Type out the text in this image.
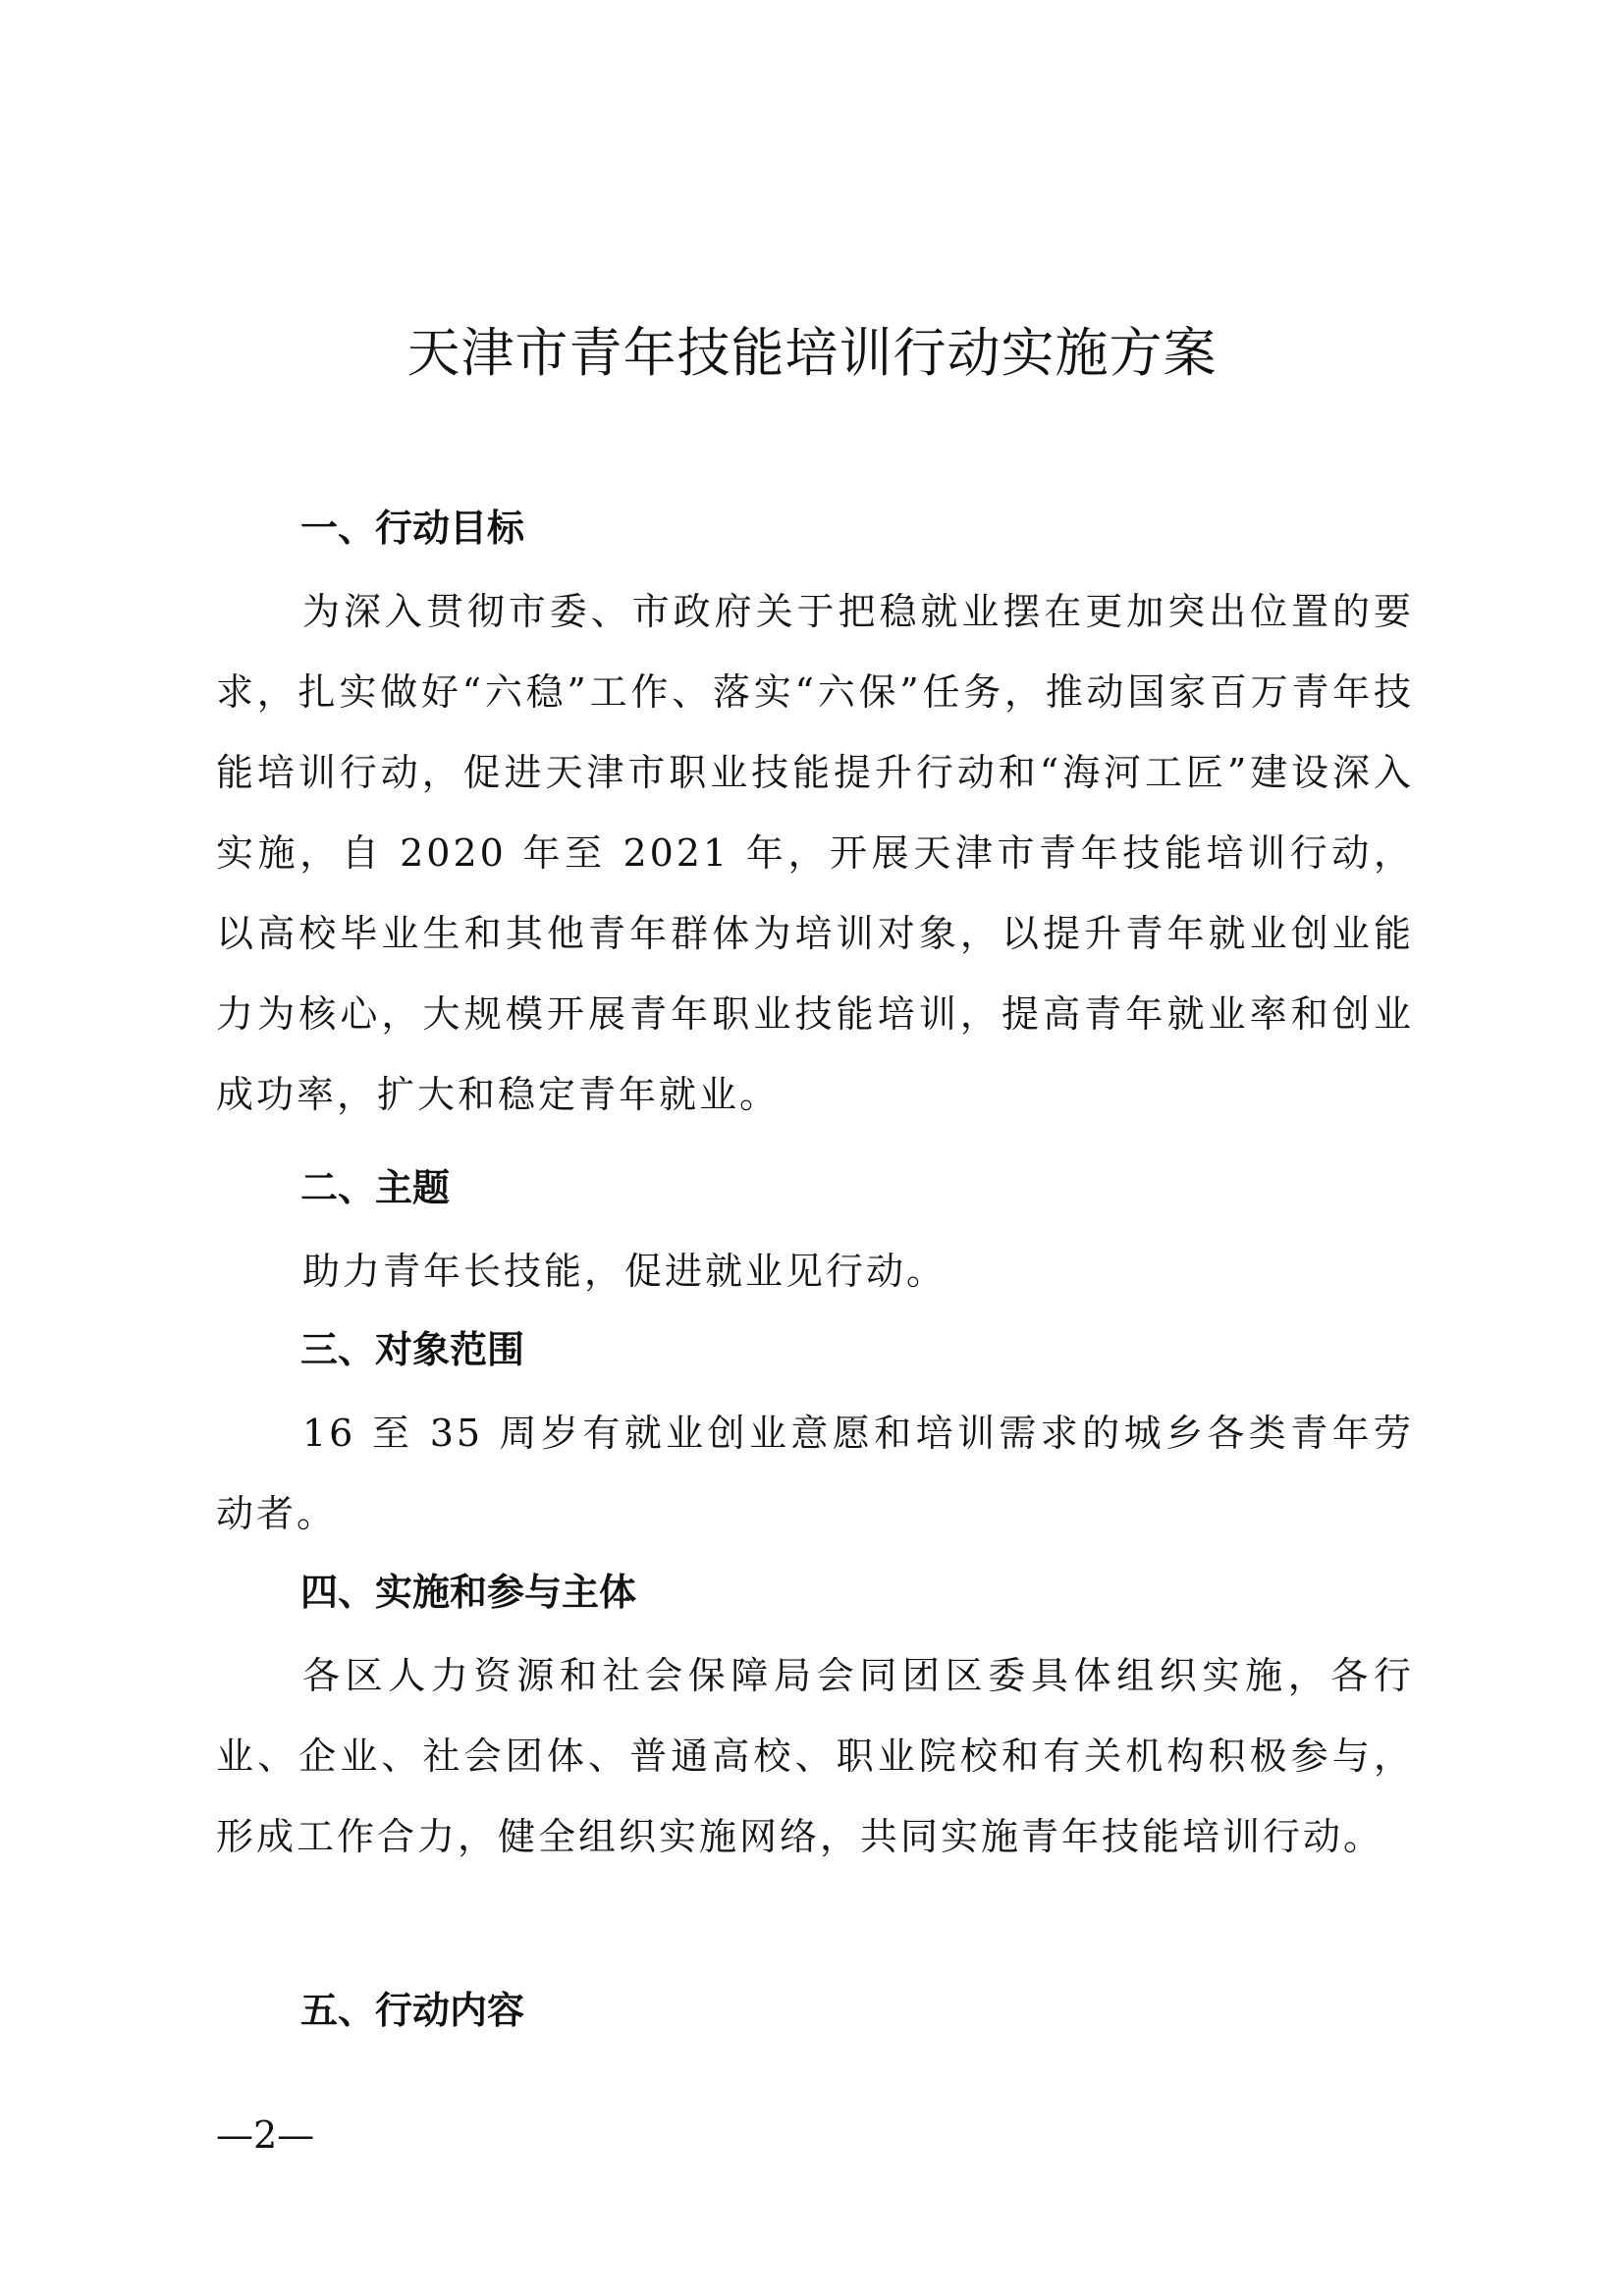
天津市青年技能培训行动实施方案
一、行动目标

为深入贯彻市委、市政府关于把稳就业摆在更加突出位置的要求，扎实做好“六稳”工作、落实“六保”任务，推动国家百万青年技能培训行动，促进天津市职业技能提升行动和“海河工匠”建设深入实施，自 2020 年至 2021 年，开展天津市青年技能培训行动，以高校毕业生和其他青年群体为培训对象，以提升青年就业创业能力为核心，大规模开展青年职业技能培训，提高青年就业率和创业成功率，扩大和稳定青年就业。

二、主题

助力青年长技能，促进就业见行动。

三、对象范围

16 至 35 周岁有就业创业意愿和培训需求的城乡各类青年劳动者。

四、实施和参与主体

各区人力资源和社会保障局会同团区委具体组织实施，各行业、企业、社会团体、普通高校、职业院校和有关机构积极参与，形成工作合力，健全组织实施网络，共同实施青年技能培训行动。

五、行动内容

—2—
